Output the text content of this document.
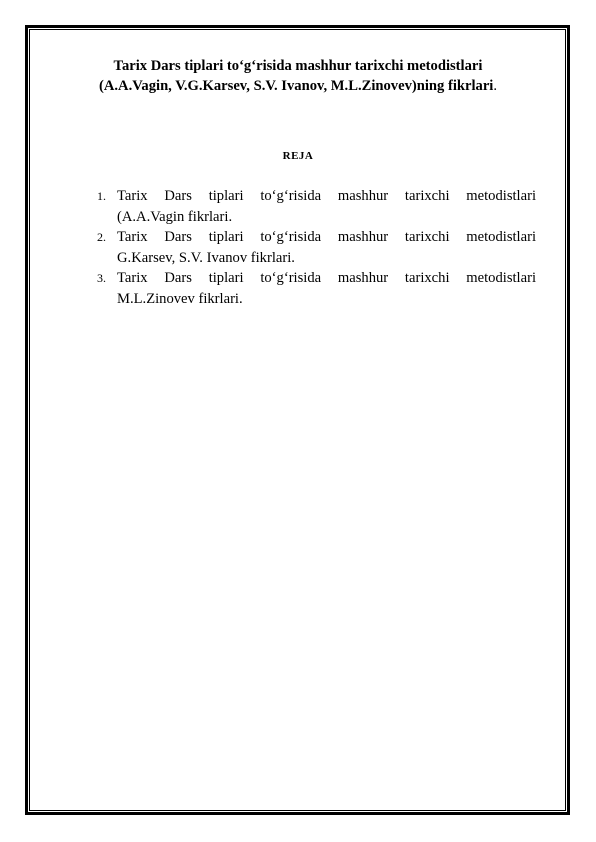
Tarix Dars tiplari to‘g‘risida mashhur tarixchi metodistlari
(A.A.Vagin, V.G.Karsev, S.V. Ivanov, M.L.Zinovev)ning fikrlari.
REJA
1. Tarix Dars tiplari to‘g‘risida mashhur tarixchi metodistlari
(A.A.Vagin fikrlari.
2. Tarix Dars tiplari to‘g‘risida mashhur tarixchi metodistlari
G.Karsev, S.V. Ivanov fikrlari.
3. Tarix Dars tiplari to‘g‘risida mashhur tarixchi metodistlari
M.L.Zinovev fikrlari.
